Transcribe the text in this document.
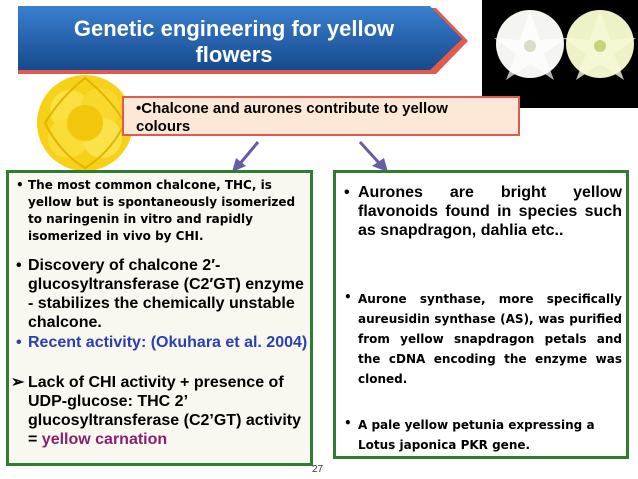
Genetic engineering for yellow flowers
•Chalcone and aurones contribute to yellow colours
• The most common chalcone, THC, is yellow but is spontaneously isomerized to naringenin in vitro and rapidly isomerized in vivo by CHI.

• Discovery of chalcone 2′-glucosyltransferase (C2′GT) enzyme - stabilizes the chemically unstable chalcone.

• Recent activity: (Okuhara et al. 2004)

➢ Lack of CHI activity + presence of UDP-glucose: THC 2’ glucosyltransferase (C2’GT) activity = yellow carnation

• Aurones are bright yellow flavonoids found in species such as snapdragon, dahlia etc..

• Aurone synthase, more specifically aureusidin synthase (AS), was purified from yellow snapdragon petals and the cDNA encoding the enzyme was cloned.

• A pale yellow petunia expressing a Lotus japonica PKR gene.

27
